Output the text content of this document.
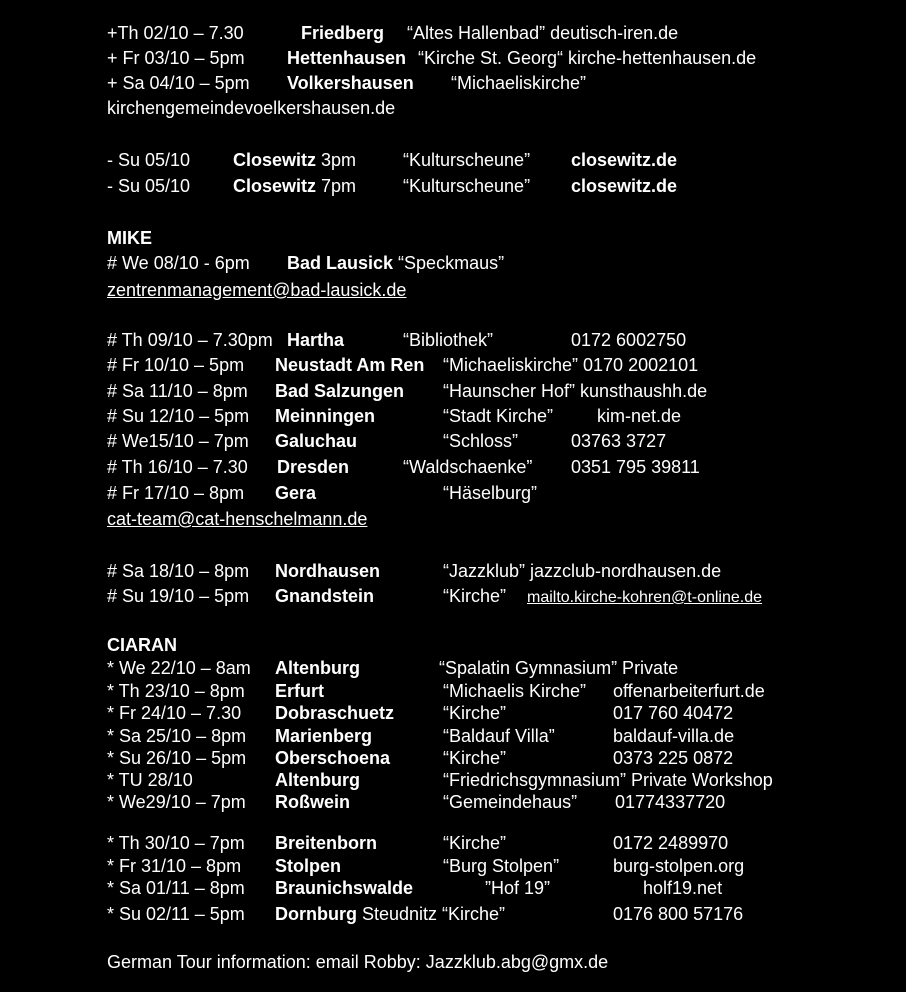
+Th 02/10 – 7.30	Friedberg “Altes Hallenbad” deutisch-iren.de
+ Fr 03/10 – 5pm Hettenhausen “Kirche St. Georg“ kirche-hettenhausen.de
+ Sa 04/10 – 5pm Volkershausen “Michaeliskirche”
kirchengemeindevoelkershausen.de
- Su 05/10 Closewitz 3pm	“Kulturscheune” closewitz.de
- Su 05/10 Closewitz 7pm	“Kulturscheune” closewitz.de
MIKE
# We 08/10 - 6pm Bad Lausick “Speckmaus”
zentrenmanagement@bad-lausick.de
# Th 09/10 – 7.30pm Hartha	“Bibliothek”	0172 6002750
# Fr 10/10 – 5pm Neustadt Am Ren “Michaeliskirche” 0170 2002101
# Sa 11/10 – 8pm Bad Salzungen “Haunscher Hof” kunsthaushh.de
# Su 12/10 – 5pm Meinningen	“Stadt Kirche” kim-net.de
# We15/10 – 7pm Galuchau	“Schloss”	03763 3727
# Th 16/10 – 7.30 Dresden	“Waldschaenke” 0351 795 39811
# Fr 17/10 – 8pm Gera	“Häselburg”
cat-team@cat-henschelmann.de
# Sa 18/10 – 8pm Nordhausen	“Jazzklub” jazzclub-nordhausen.de
# Su 19/10 – 5pm Gnandstein	“Kirche” mailto.kirche-kohren@t-online.de
CIARAN
* We 22/10 – 8am Altenburg	“Spalatin Gymnasium” Private
* Th 23/10 – 8pm Erfurt	“Michaelis Kirche” offenarbeiterfurt.de
* Fr 24/10 – 7.30 Dobraschuetz	“Kirche”	017 760 40472
* Sa 25/10 – 8pm Marienberg	“Baldauf Villa”	baldauf-villa.de
* Su 26/10 – 5pm Oberschoena	“Kirche”	0373 225 0872
* TU 28/10	Altenburg	“Friedrichsgymnasium” Private Workshop
* We29/10 – 7pm Roßwein	“Gemeindehaus” 01774337720
* Th 30/10 – 7pm Breitenborn	“Kirche”	0172 2489970
* Fr 31/10 – 8pm Stolpen	“Burg Stolpen”	burg-stolpen.org
* Sa 01/11 – 8pm Braunichswalde	”Hof 19”	holf19.net
* Su 02/11 – 5pm Dornburg Steudnitz “Kirche”	0176 800 57176
German Tour information: email Robby: Jazzklub.abg@gmx.de
